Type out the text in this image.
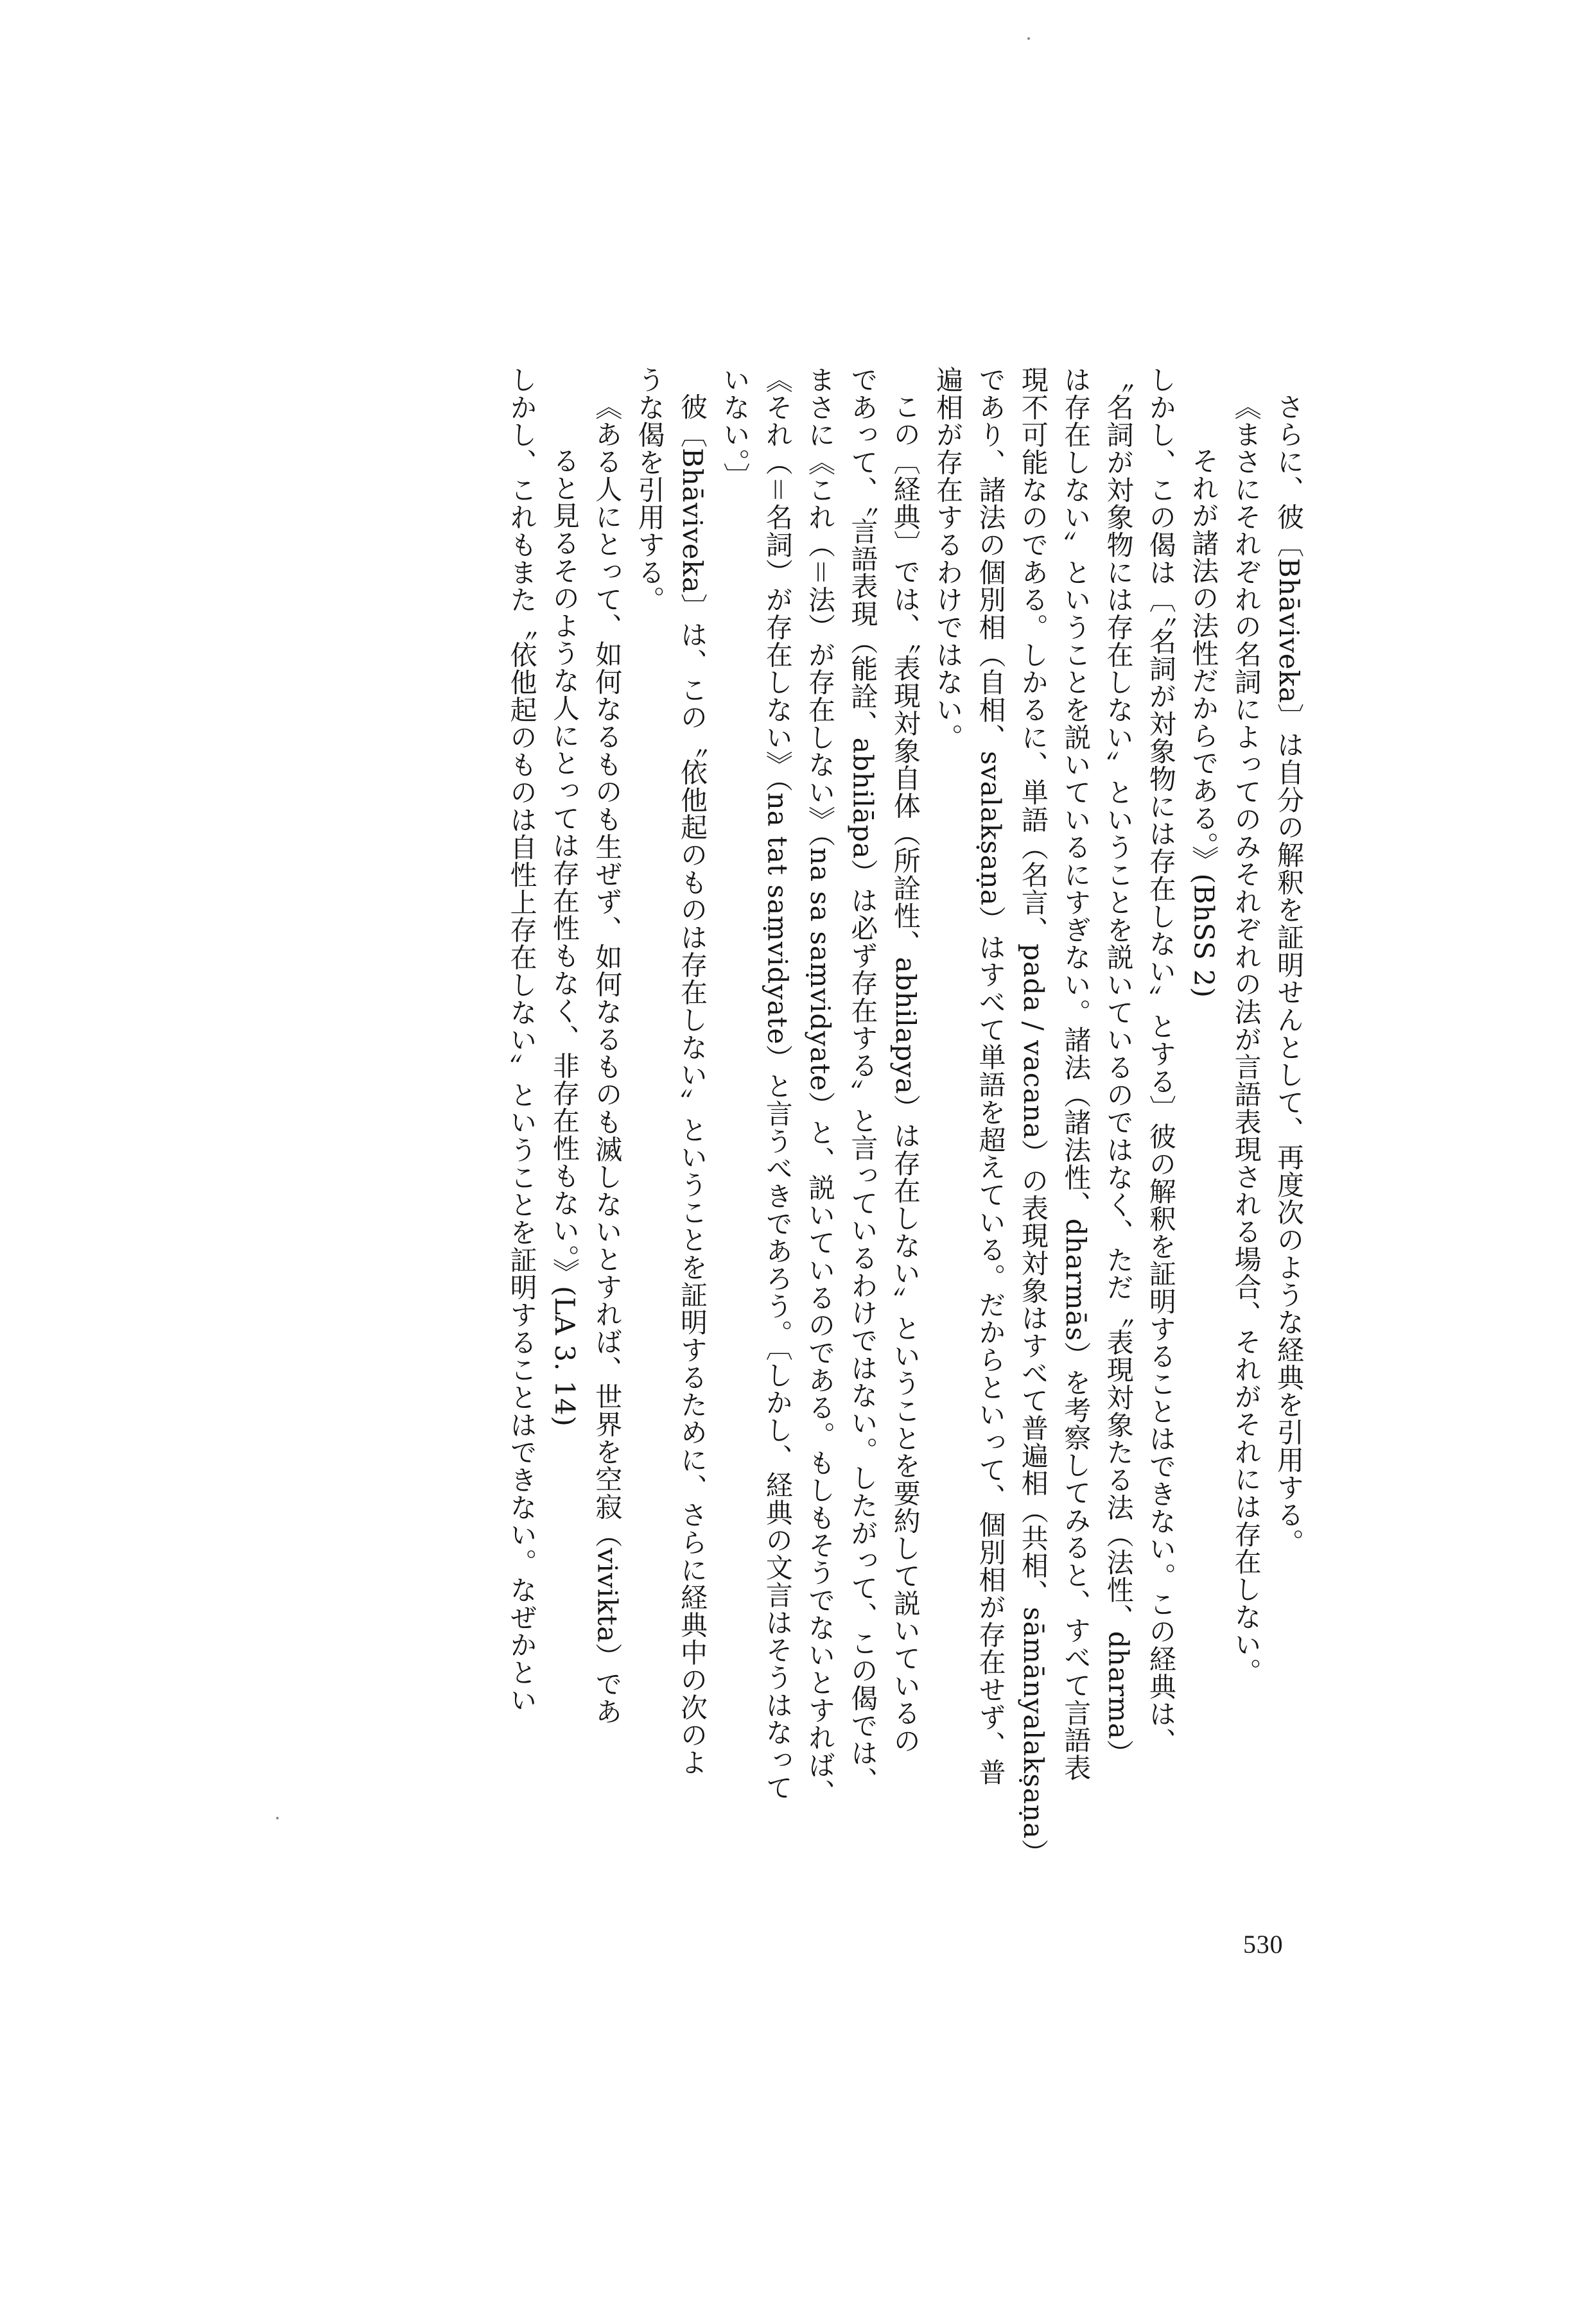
さらに、彼〔Bhāviveka〕は自分の解釈を証明せんとして、再度次のような経典を引用する。
《まさにそれぞれの名詞によってのみそれぞれの法が言語表現される場合、それがそれには存在しない。
それが諸法の法性だからである。》(BhSS 2)
しかし、この偈は〔〝名詞が対象物には存在しない〟とする〕彼の解釈を証明することはできない。この経典は、
〝名詞が対象物には存在しない〟ということを説いているのではなく、ただ〝表現対象たる法（法性、dharma）
は存在しない〟ということを説いているにすぎない。諸法（諸法性、dharmās）を考察してみると、すべて言語表
現不可能なのである。しかるに、単語（名言、pada / vacana）の表現対象はすべて普遍相（共相、sāmānyalakṣaṇa）
であり、諸法の個別相（自相、svalakṣaṇa）はすべて単語を超えている。だからといって、個別相が存在せず、普
遍相が存在するわけではない。
この〔経典〕では、〝表現対象自体（所詮性、abhilapya）は存在しない〟ということを要約して説いているの
であって、〝言語表現（能詮、abhilāpa）は必ず存在する〟と言っているわけではない。したがって、この偈では、
まさに《これ（＝法）が存在しない》（na sa saṃvidyate）と、説いているのである。もしもそうでないとすれば、
《それ（＝名詞）が存在しない》（na tat saṃvidyate）と言うべきであろう。〔しかし、経典の文言はそうはなって
いない。〕
彼〔Bhāviveka〕は、この〝依他起のものは存在しない〟ということを証明するために、さらに経典中の次のよ
うな偈を引用する。
《ある人にとって、如何なるものも生ぜず、如何なるものも滅しないとすれば、世界を空寂（vivikta）であ
ると見るそのような人にとっては存在性もなく、非存在性もない。》(LA 3. 14)
しかし、これもまた〝依他起のものは自性上存在しない〟ということを証明することはできない。なぜかとい
530
